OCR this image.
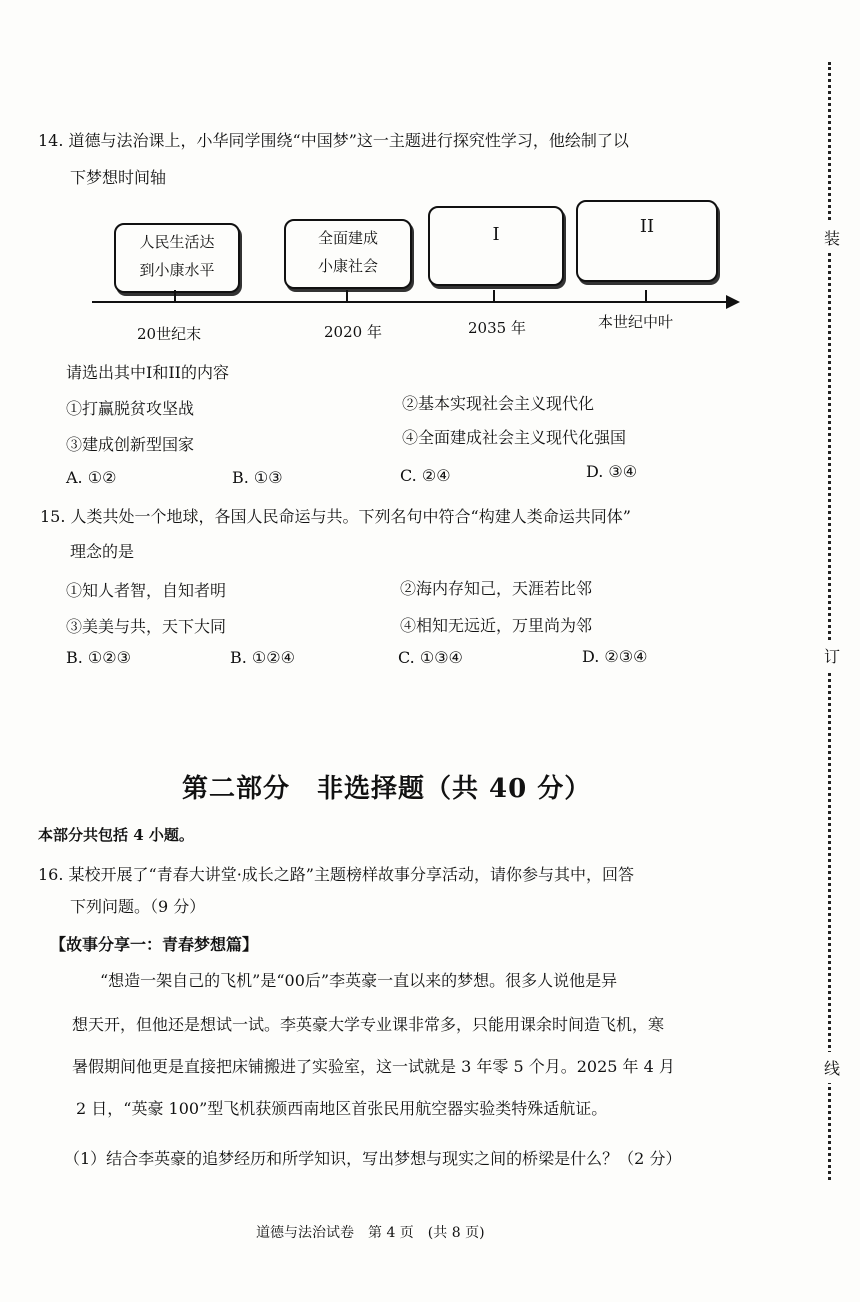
装
订
线
14. 道德与法治课上，小华同学围绕“中国梦”这一主题进行探究性学习，他绘制了以
下梦想时间轴
人民生活达
到小康水平
全面建成
小康社会
I	II
20世纪末	2020 年	2035 年	本世纪中叶
请选出其中I和II的内容
①打赢脱贫攻坚战	②基本实现社会主义现代化
③建成创新型国家	④全面建成社会主义现代化强国
A. ①②	B. ①③	C. ②④	D. ③④
15. 人类共处一个地球，各国人民命运与共。下列名句中符合“构建人类命运共同体”
理念的是
①知人者智，自知者明	②海内存知己，天涯若比邻
③美美与共，天下大同	④相知无远近，万里尚为邻
B. ①②③	B. ①②④	C. ①③④	D. ②③④
第二部分　非选择题（共 40 分）
本部分共包括 4 小题。
16. 某校开展了“青春大讲堂·成长之路”主题榜样故事分享活动，请你参与其中，回答
下列问题。（9 分）
【故事分享一：青春梦想篇】
“想造一架自己的飞机”是“00后”李英豪一直以来的梦想。很多人说他是异
想天开，但他还是想试一试。李英豪大学专业课非常多，只能用课余时间造飞机，寒
暑假期间他更是直接把床铺搬进了实验室，这一试就是 3 年零 5 个月。2025 年 4 月
2 日，“英豪 100”型飞机获颁西南地区首张民用航空器实验类特殊适航证。
（1）结合李英豪的追梦经历和所学知识，写出梦想与现实之间的桥梁是什么？（2 分）
道德与法治试卷　第 4 页　(共 8 页)
